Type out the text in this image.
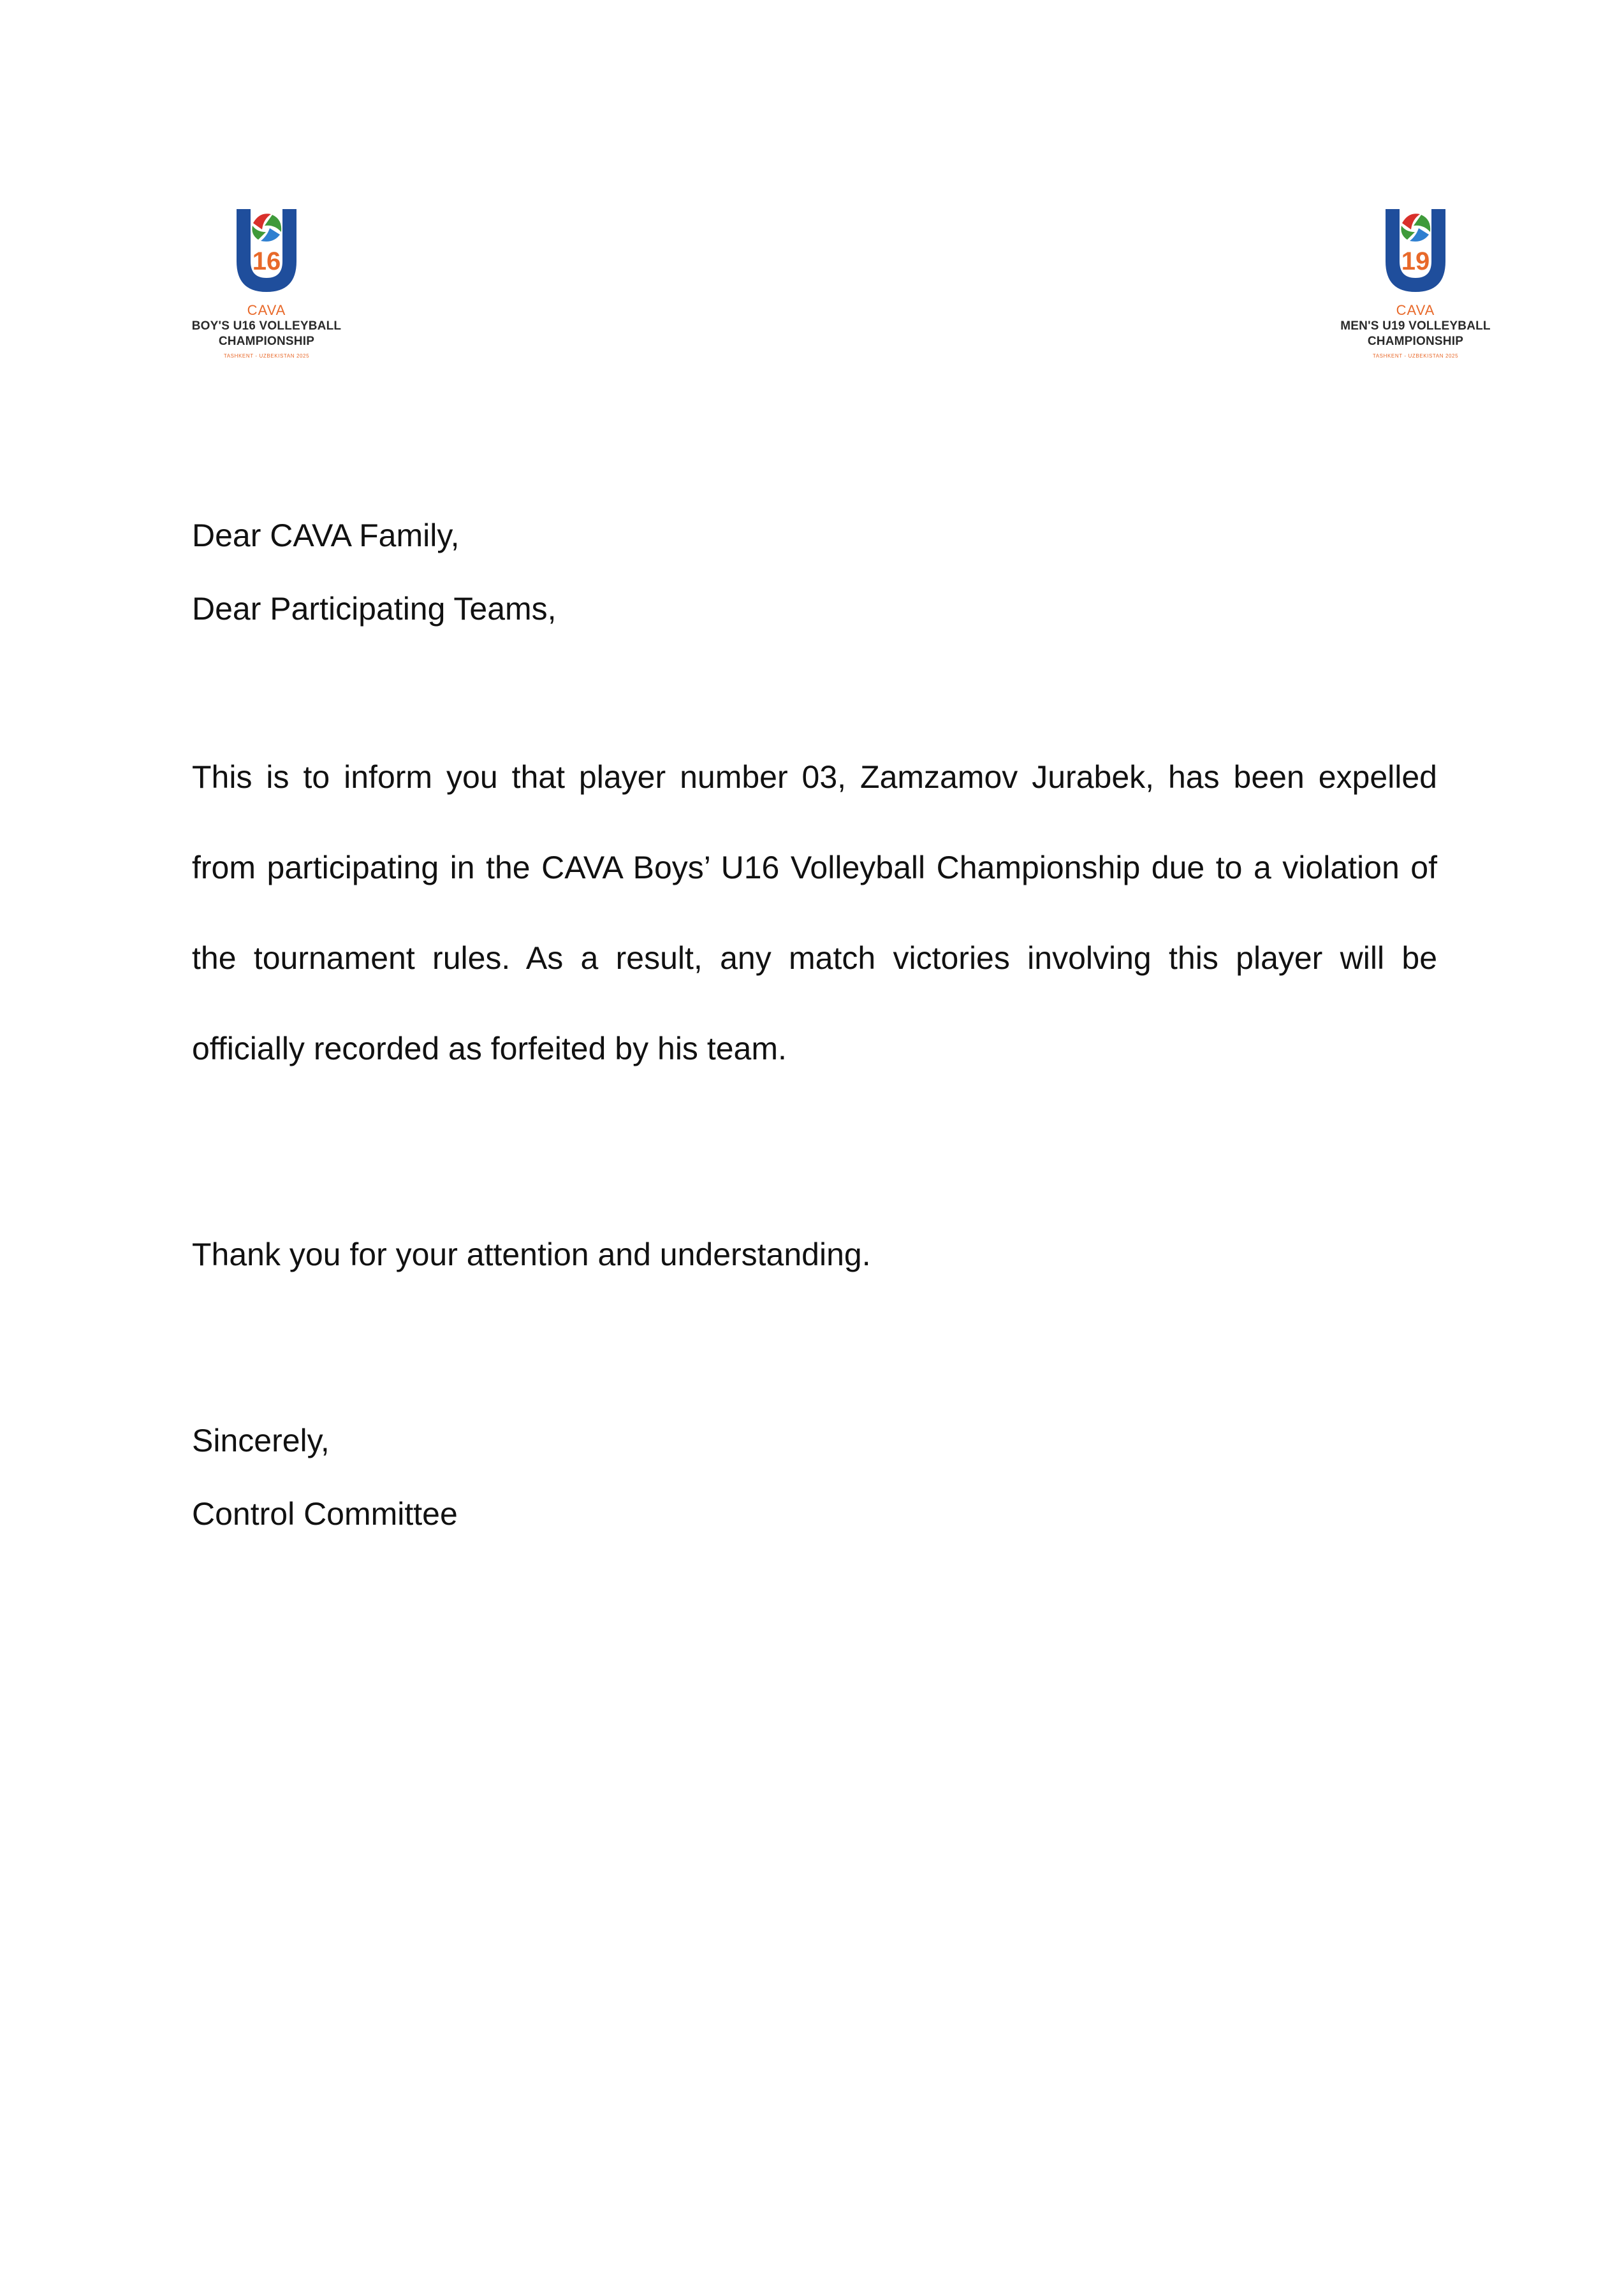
16
CAVA
BOY'S U16 VOLLEYBALL
CHAMPIONSHIP
TASHKENT - UZBEKISTAN 2025
19
CAVA
MEN'S U19 VOLLEYBALL
CHAMPIONSHIP
TASHKENT - UZBEKISTAN 2025

Dear CAVA Family,

Dear Participating Teams,

This is to inform you that player number 03, Zamzamov Jurabek, has been expelled from participating in the CAVA Boys’ U16 Volleyball Championship due to a violation of the tournament rules. As a result, any match victories involving this player will be officially recorded as forfeited by his team.

Thank you for your attention and understanding.

Sincerely,

Control Committee
